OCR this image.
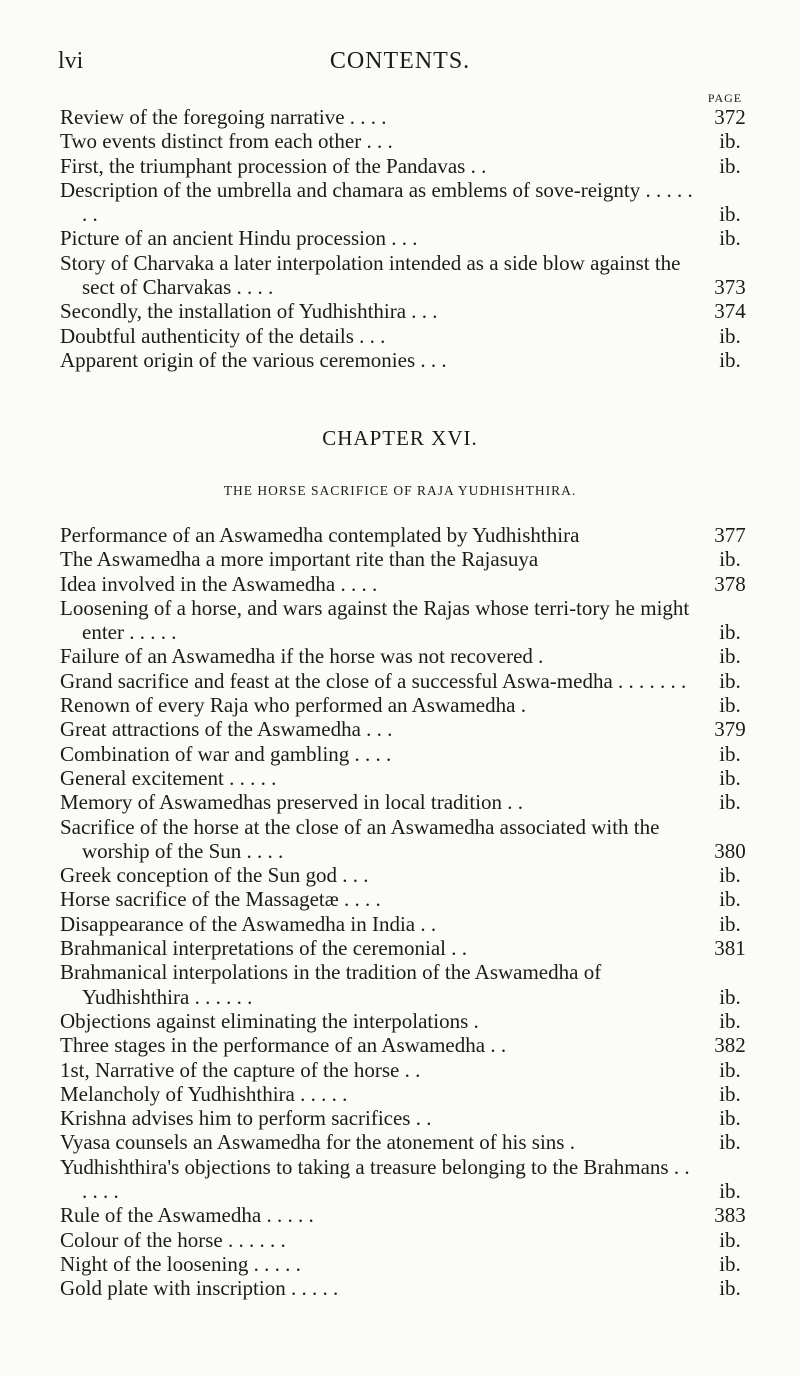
lvi	CONTENTS.
PAGE
Review of the foregoing narrative . . . .	372
Two events distinct from each other . . .	ib.
First, the triumphant procession of the Pandavas . .	ib.
Description of the umbrella and chamara as emblems of sove-reignty . . . . . . .	ib.
Picture of an ancient Hindu procession . . .	ib.
Story of Charvaka a later interpolation intended as a side blow against the sect of Charvakas . . . .	373
Secondly, the installation of Yudhishthira . . .	374
Doubtful authenticity of the details . . .	ib.
Apparent origin of the various ceremonies . . .	ib.
CHAPTER XVI.
THE HORSE SACRIFICE OF RAJA YUDHISHTHIRA.
Performance of an Aswamedha contemplated by Yudhishthira	377
The Aswamedha a more important rite than the Rajasuya	ib.
Idea involved in the Aswamedha . . . .	378
Loosening of a horse, and wars against the Rajas whose terri-tory he might enter . . . . .	ib.
Failure of an Aswamedha if the horse was not recovered .	ib.
Grand sacrifice and feast at the close of a successful Aswa-medha . . . . . . .	ib.
Renown of every Raja who performed an Aswamedha .	ib.
Great attractions of the Aswamedha . . .	379
Combination of war and gambling . . . .	ib.
General excitement . . . . .	ib.
Memory of Aswamedhas preserved in local tradition . .	ib.
Sacrifice of the horse at the close of an Aswamedha associated with the worship of the Sun . . . .	380
Greek conception of the Sun god . . .	ib.
Horse sacrifice of the Massagetæ . . . .	ib.
Disappearance of the Aswamedha in India . .	ib.
Brahmanical interpretations of the ceremonial . .	381
Brahmanical interpolations in the tradition of the Aswamedha of Yudhishthira . . . . . .	ib.
Objections against eliminating the interpolations .	ib.
Three stages in the performance of an Aswamedha . .	382
1st, Narrative of the capture of the horse . .	ib.
Melancholy of Yudhishthira . . . . .	ib.
Krishna advises him to perform sacrifices . .	ib.
Vyasa counsels an Aswamedha for the atonement of his sins .	ib.
Yudhishthira's objections to taking a treasure belonging to the Brahmans . . . . . .	ib.
Rule of the Aswamedha . . . . .	383
Colour of the horse . . . . . .	ib.
Night of the loosening . . . . .	ib.
Gold plate with inscription . . . . .	ib.
